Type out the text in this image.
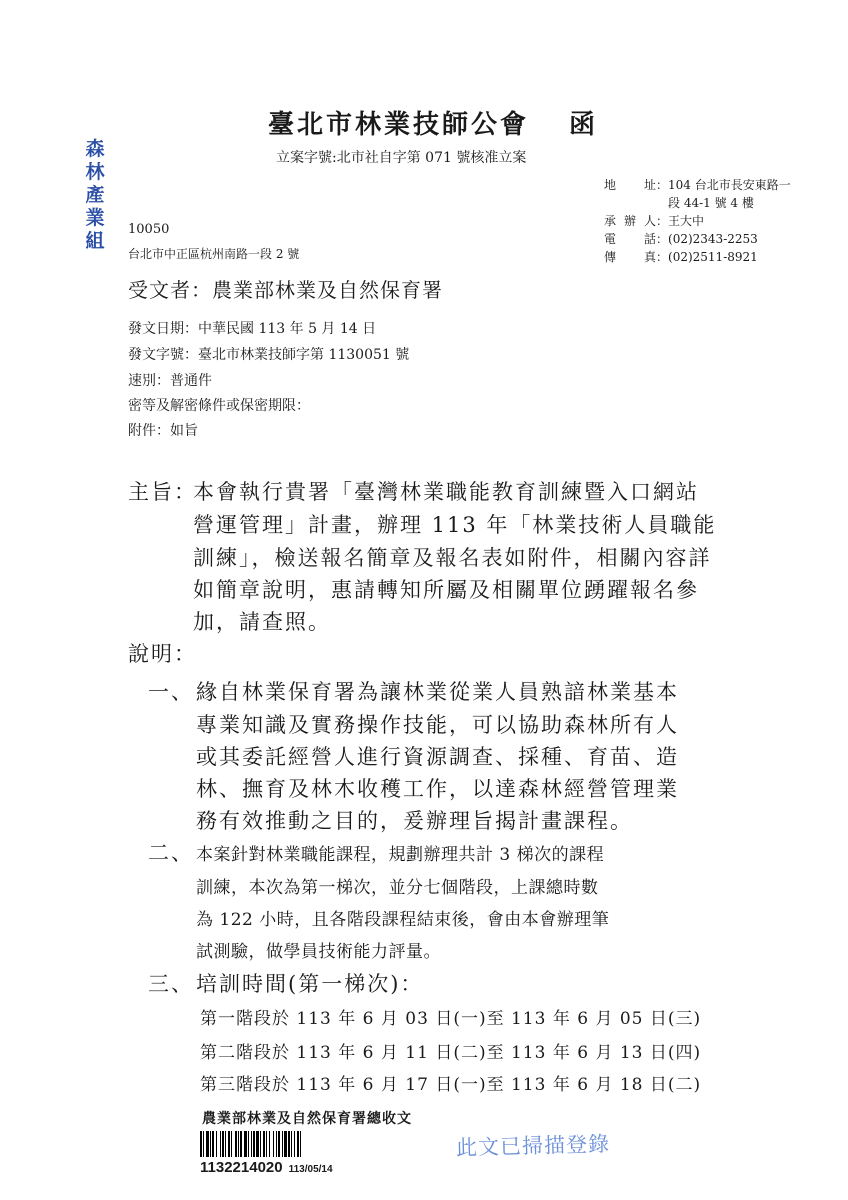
臺北市林業技師公會 函
立案字號:北市社自字第 071 號核准立案
森林產業組
地　址 ： 104 台北市長安東路一
段 44-1 號 4 樓
承辦人 ： 王大中
電　話 ： (02)2343-2253
傳　真 ： (02)2511-8921
10050
台北市中正區杭州南路一段 2 號
受文者：農業部林業及自然保育署
發文日期：中華民國 113 年 5 月 14 日
發文字號：臺北市林業技師字第 1130051 號
速別：普通件
密等及解密條件或保密期限：
附件：如旨
主旨：
本會執行貴署「臺灣林業職能教育訓練暨入口網站
營運管理」計畫，辦理 113 年「林業技術人員職能
訓練」，檢送報名簡章及報名表如附件，相關內容詳
如簡章說明，惠請轉知所屬及相關單位踴躍報名參
加，請查照。
說明：
一、 緣自林業保育署為讓林業從業人員熟諳林業基本
專業知識及實務操作技能，可以協助森林所有人
或其委託經營人進行資源調查、採種、育苗、造
林、撫育及林木收穫工作，以達森林經營管理業
務有效推動之目的，爰辦理旨揭計畫課程。
二、 本案針對林業職能課程，規劃辦理共計 3 梯次的課程
訓練，本次為第一梯次，並分七個階段，上課總時數
為 122 小時，且各階段課程結束後，會由本會辦理筆
試測驗，做學員技術能力評量。
三、 培訓時間(第一梯次)：
第一階段於 113 年 6 月 03 日(一)至 113 年 6 月 05 日(三)
第二階段於 113 年 6 月 11 日(二)至 113 年 6 月 13 日(四)
第三階段於 113 年 6 月 17 日(一)至 113 年 6 月 18 日(二)
農業部林業及自然保育署總收文
1132214020 113/05/14
此文已掃描登錄
